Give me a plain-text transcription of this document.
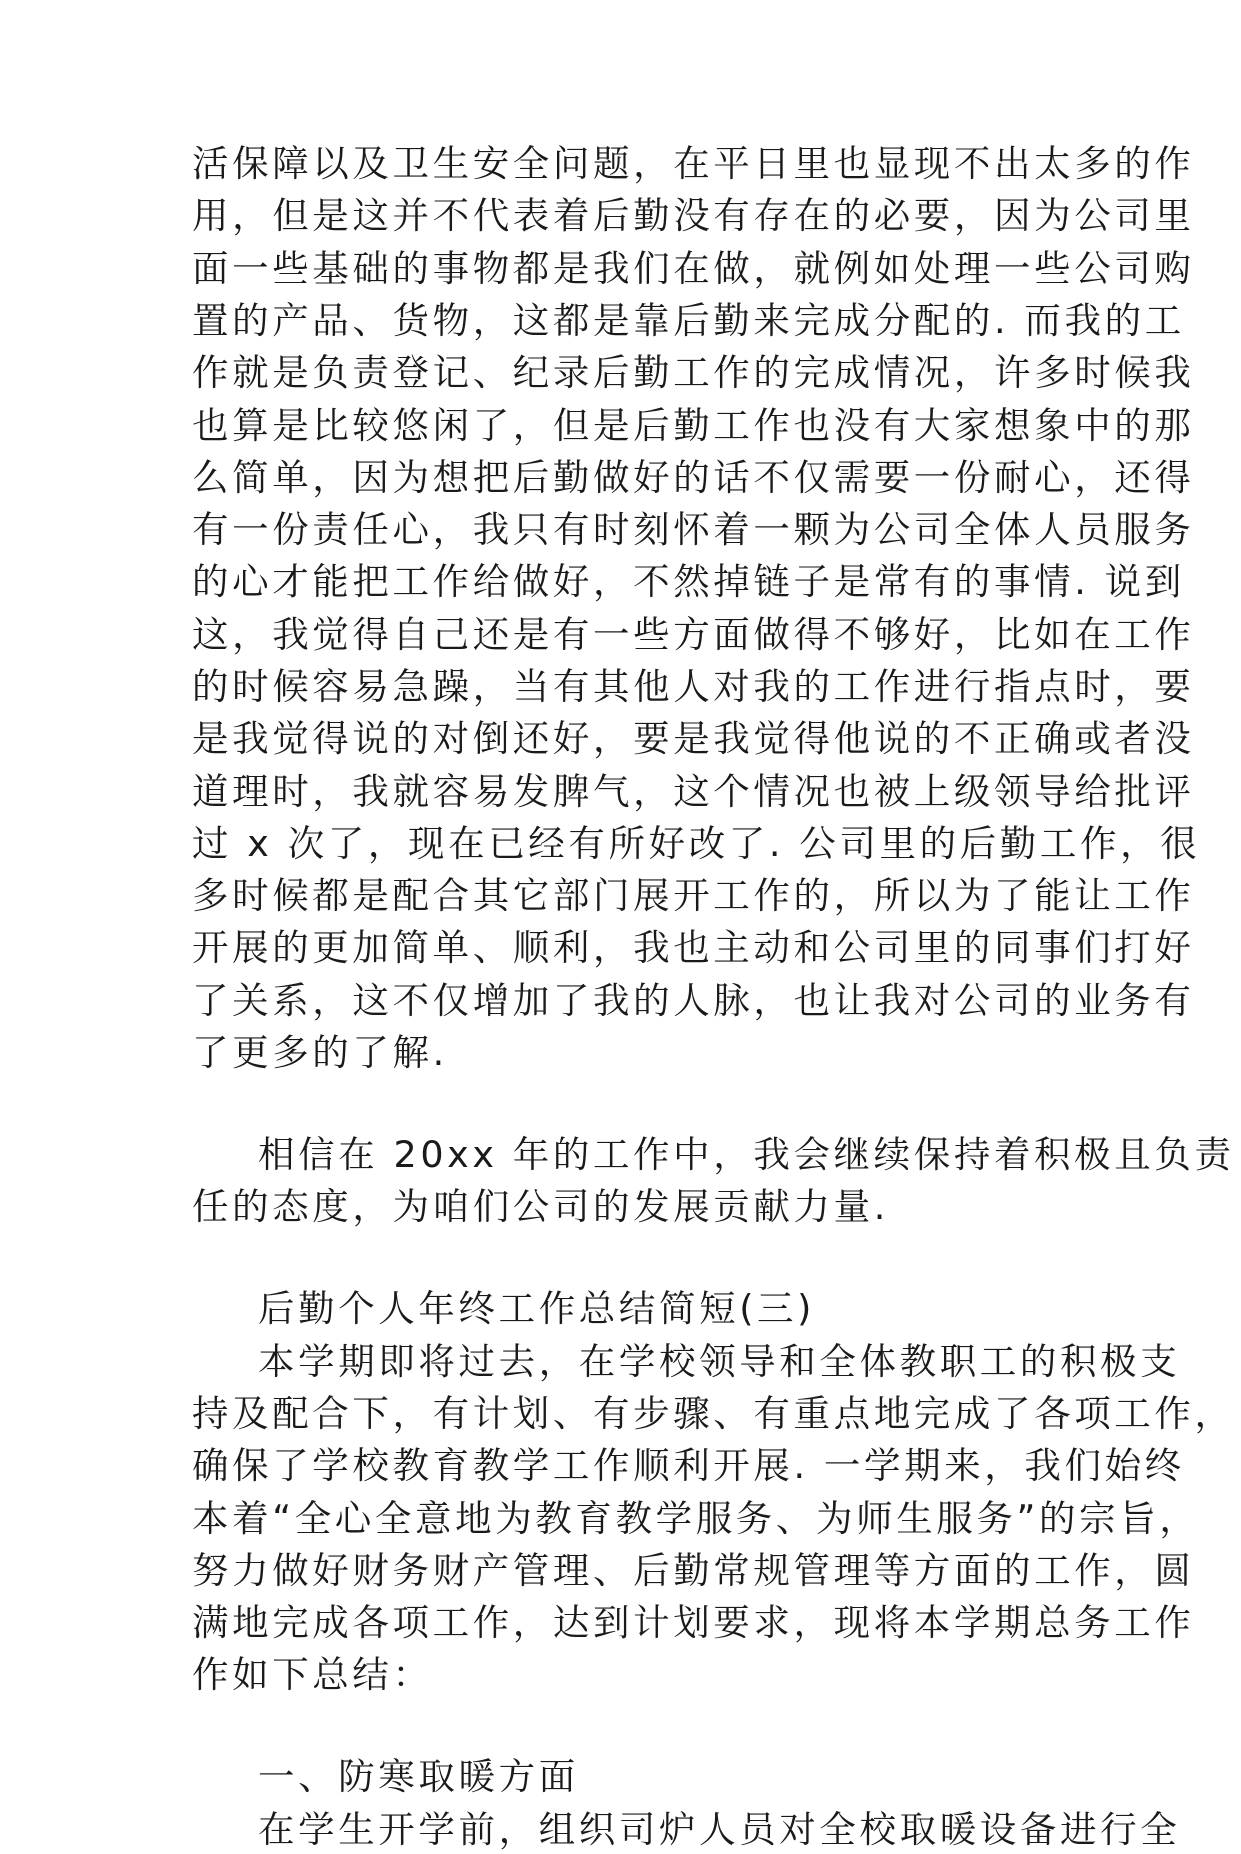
活保障以及卫生安全问题，在平日里也显现不出太多的作
用，但是这并不代表着后勤没有存在的必要，因为公司里
面一些基础的事物都是我们在做，就例如处理一些公司购
置的产品、货物，这都是靠后勤来完成分配的. 而我的工
作就是负责登记、纪录后勤工作的完成情况，许多时候我
也算是比较悠闲了，但是后勤工作也没有大家想象中的那
么简单，因为想把后勤做好的话不仅需要一份耐心，还得
有一份责任心，我只有时刻怀着一颗为公司全体人员服务
的心才能把工作给做好，不然掉链子是常有的事情. 说到
这，我觉得自己还是有一些方面做得不够好，比如在工作
的时候容易急躁，当有其他人对我的工作进行指点时，要
是我觉得说的对倒还好，要是我觉得他说的不正确或者没
道理时，我就容易发脾气，这个情况也被上级领导给批评
过 x 次了，现在已经有所好改了. 公司里的后勤工作，很
多时候都是配合其它部门展开工作的，所以为了能让工作
开展的更加简单、顺利，我也主动和公司里的同事们打好
了关系，这不仅增加了我的人脉，也让我对公司的业务有
了更多的了解.
相信在 20xx 年的工作中，我会继续保持着积极且负责
任的态度，为咱们公司的发展贡献力量.
后勤个人年终工作总结简短(三)
本学期即将过去，在学校领导和全体教职工的积极支
持及配合下，有计划、有步骤、有重点地完成了各项工作，
确保了学校教育教学工作顺利开展. 一学期来，我们始终
本着“全心全意地为教育教学服务、为师生服务”的宗旨，
努力做好财务财产管理、后勤常规管理等方面的工作，圆
满地完成各项工作，达到计划要求，现将本学期总务工作
作如下总结：
一、防寒取暖方面
在学生开学前，组织司炉人员对全校取暖设备进行全
